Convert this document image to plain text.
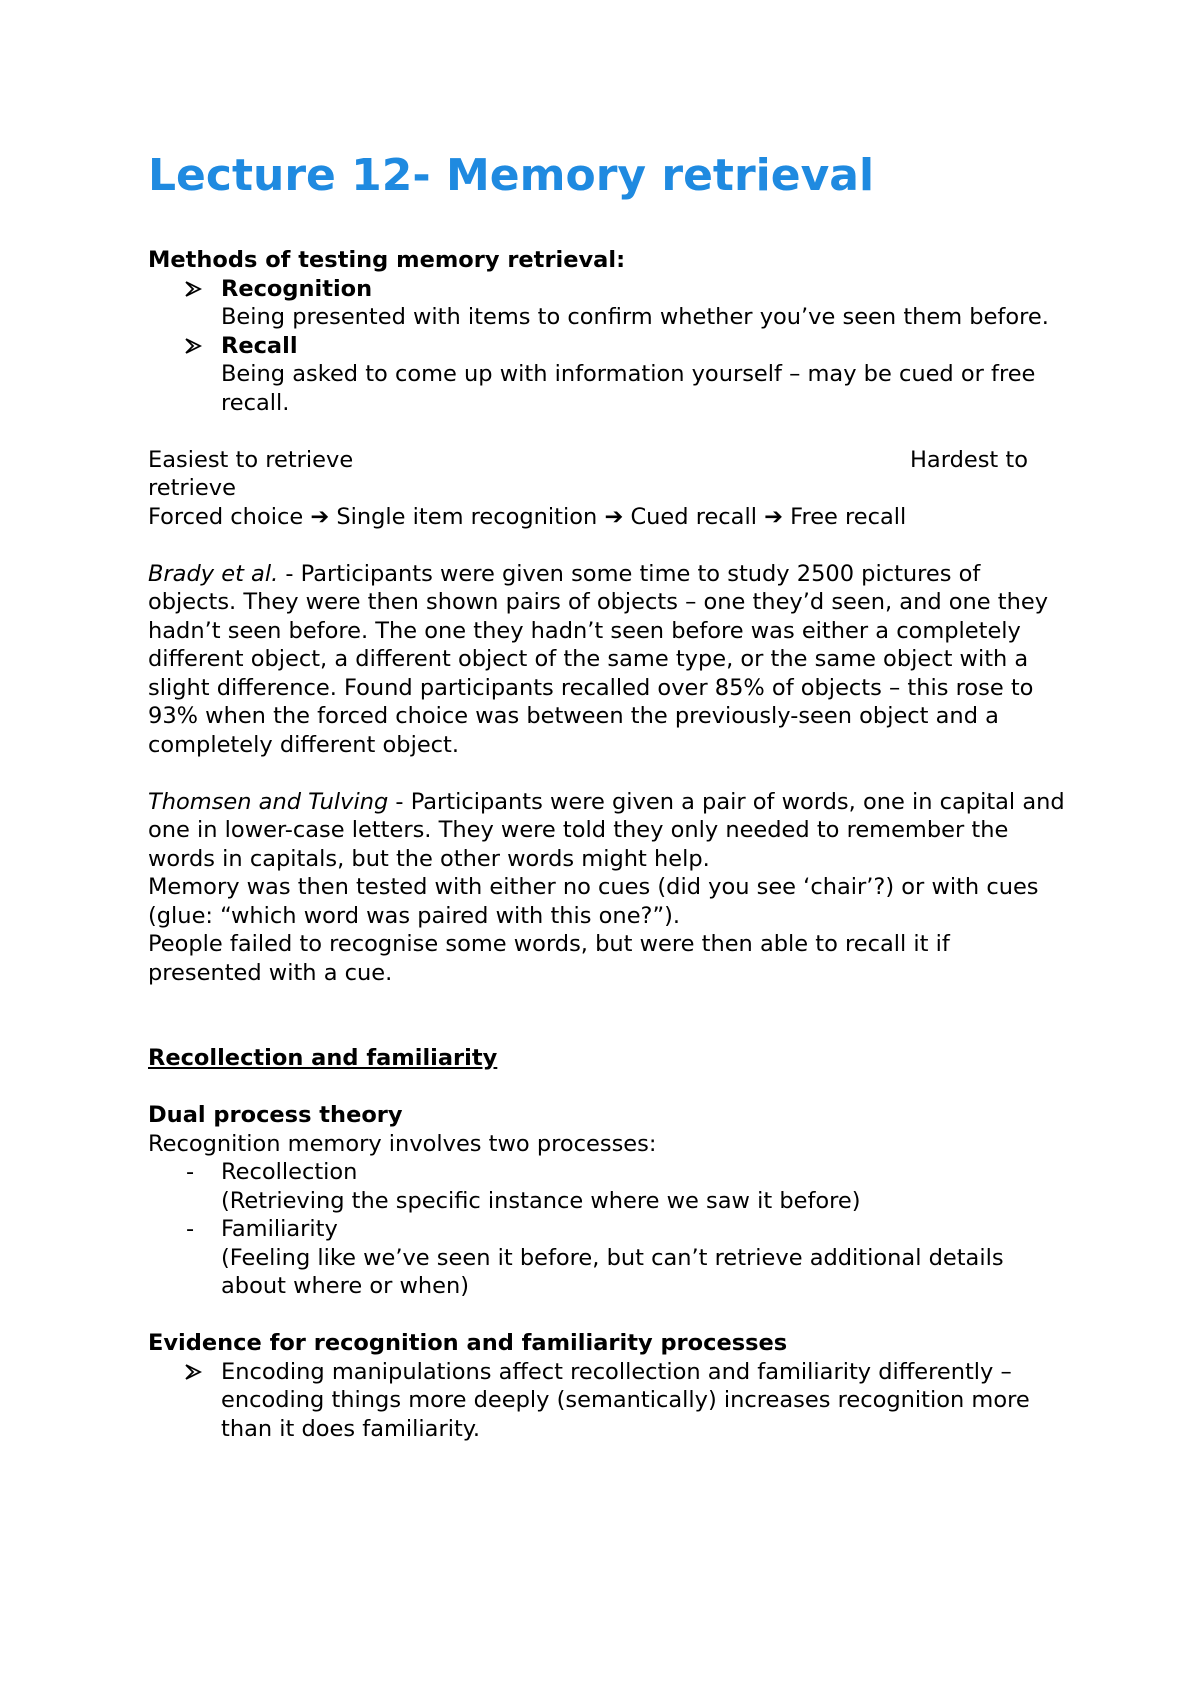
Lecture 12- Memory retrieval

Methods of testing memory retrieval:

Recognition
Being presented with items to confirm whether you’ve seen them before.
Recall
Being asked to come up with information yourself – may be cued or free recall.
Easiest to retrieve	Hardest to

retrieve

Forced choice ➔ Single item recognition ➔ Cued recall ➔ Free recall

Brady et al. - Participants were given some time to study 2500 pictures of objects. They were then shown pairs of objects – one they’d seen, and one they hadn’t seen before. The one they hadn’t seen before was either a completely different object, a different object of the same type, or the same object with a slight difference. Found participants recalled over 85% of objects – this rose to 93% when the forced choice was between the previously-seen object and a completely different object.

Thomsen and Tulving - Participants were given a pair of words, one in capital and one in lower-case letters. They were told they only needed to remember the words in capitals, but the other words might help.

Memory was then tested with either no cues (did you see ‘chair’?) or with cues (glue: “which word was paired with this one?”).

People failed to recognise some words, but were then able to recall it if presented with a cue.

Recollection and familiarity

Dual process theory

Recognition memory involves two processes:

-	Recollection
(Retrieving the specific instance where we saw it before)
-	Familiarity
(Feeling like we’ve seen it before, but can’t retrieve additional details about where or when)

Evidence for recognition and familiarity processes

Encoding manipulations affect recollection and familiarity differently – encoding things more deeply (semantically) increases recognition more than it does familiarity.
